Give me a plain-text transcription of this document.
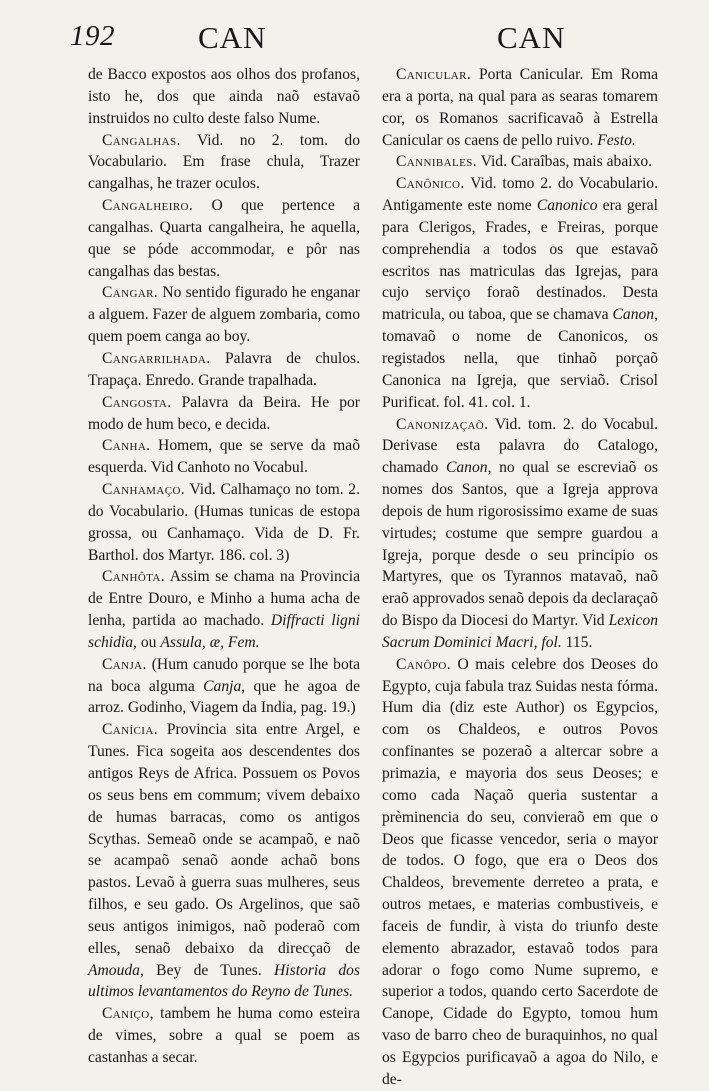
192	CAN	CAN

de Bacco expostos aos olhos dos profanos, isto he, dos que ainda naõ estavaõ instruidos no culto deste falso Nume.

Cangalhas. Vid. no 2. tom. do Vocabulario. Em frase chula, Trazer cangalhas, he trazer oculos.

Cangalheiro. O que pertence a cangalhas. Quarta cangalheira, he aquella, que se póde accommodar, e pôr nas cangalhas das bestas.

Cangar. No sentido figurado he enganar a alguem. Fazer de alguem zombaria, como quem poem canga ao boy.

Cangarrilhada. Palavra de chulos. Trapaça. Enredo. Grande trapalhada.

Cangosta. Palavra da Beira. He por modo de hum beco, e decida.

Canha. Homem, que se serve da maõ esquerda. Vid Canhoto no Vocabul.

Canhamaço. Vid. Calhamaço no tom. 2. do Vocabulario. (Humas tunicas de estopa grossa, ou Canhamaço. Vida de D. Fr. Barthol. dos Martyr. 186. col. 3)

Canhôta. Assim se chama na Provincia de Entre Douro, e Minho a huma acha de lenha, partida ao machado. Diffracti ligni schidia, ou Assula, æ, Fem.

Canja. (Hum canudo porque se lhe bota na boca alguma Canja, que he agoa de arroz. Godinho, Viagem da India, pag. 19.)

Canícia. Provincia sita entre Argel, e Tunes. Fica sogeita aos descendentes dos antigos Reys de Africa. Possuem os Povos os seus bens em commum; vivem debaixo de humas barracas, como os antigos Scythas. Semeaõ onde se acampaõ, e naõ se acampaõ senaõ aonde achaõ bons pastos. Levaõ à guerra suas mulheres, seus filhos, e seu gado. Os Argelinos, que saõ seus antigos inimigos, naõ poderaõ com elles, senaõ debaixo da direcçaõ de Amouda, Bey de Tunes. Historia dos ultimos levantamentos do Reyno de Tunes.

Caniço, tambem he huma como esteira de vimes, sobre a qual se poem as castanhas a secar.

Canicular. Porta Canicular. Em Roma era a porta, na qual para as searas tomarem cor, os Romanos sacrificavaõ à Estrella Canicular os caens de pello ruivo. Festo.

Cannibales. Vid. Caraîbas, mais abaixo.

Canônico. Vid. tomo 2. do Vocabulario. Antigamente este nome Canonico era geral para Clerigos, Frades, e Freiras, porque comprehendia a todos os que estavaõ escritos nas matriculas das Igrejas, para cujo serviço foraõ destinados. Desta matricula, ou taboa, que se chamava Canon, tomavaõ o nome de Canonicos, os registados nella, que tinhaõ porçaõ Canonica na Igreja, que serviaõ. Crisol Purificat. fol. 41. col. 1.

Canonizaçaõ. Vid. tom. 2. do Vocabul. Derivase esta palavra do Catalogo, chamado Canon, no qual se escreviaõ os nomes dos Santos, que a Igreja approva depois de hum rigorosissimo exame de suas virtudes; costume que sempre guardou a Igreja, porque desde o seu principio os Martyres, que os Tyrannos matavaõ, naõ eraõ approvados senaõ depois da declaraçaõ do Bispo da Diocesi do Martyr. Vid Lexicon Sacrum Dominici Macri, fol. 115.

Canôpo. O mais celebre dos Deoses do Egypto, cuja fabula traz Suidas nesta fórma. Hum dia (diz este Author) os Egypcios, com os Chaldeos, e outros Povos confinantes se pozeraõ a altercar sobre a primazia, e mayoria dos seus Deoses; e como cada Naçaõ queria sustentar a prèminencia do seu, convieraõ em que o Deos que ficasse vencedor, seria o mayor de todos. O fogo, que era o Deos dos Chaldeos, brevemente derreteo a prata, e outros metaes, e materias combustiveis, e faceis de fundir, à vista do triunfo deste elemento abrazador, estavaõ todos para adorar o fogo como Nume supremo, e superior a todos, quando certo Sacerdote de Canope, Cidade do Egypto, tomou hum vaso de barro cheo de buraquinhos, no qual os Egypcios purificavaõ a agoa do Nilo, e de-
